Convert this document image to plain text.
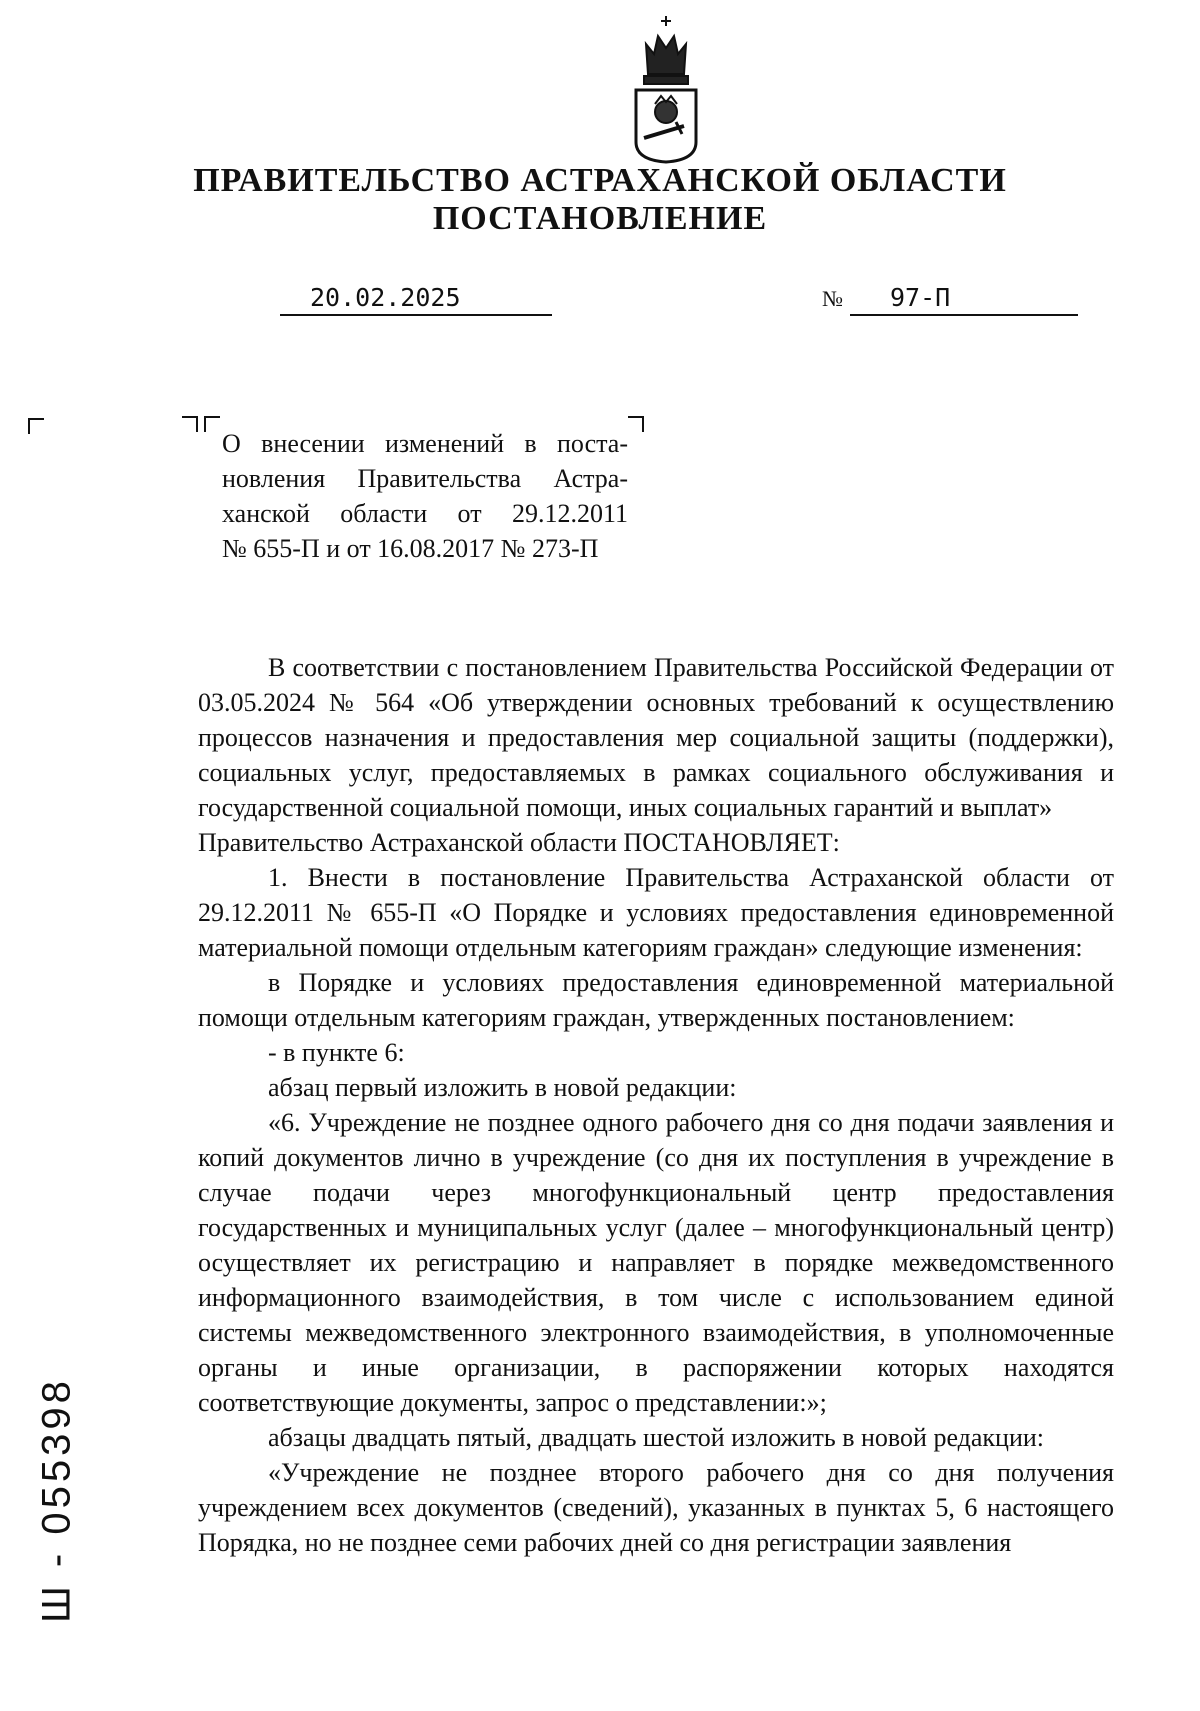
ПРАВИТЕЛЬСТВО АСТРАХАНСКОЙ ОБЛАСТИ
ПОСТАНОВЛЕНИЕ
20.02.2025	№ 97-П

О внесении изменений в поста-

новления Правительства Астра-

ханской области от 29.12.2011

№ 655-П и от 16.08.2017 № 273-П

В соответствии с постановлением Правительства Российской Федерации от 03.05.2024 № 564 «Об утверждении основных требований к осуществлению процессов назначения и предоставления мер социальной защиты (поддержки), социальных услуг, предоставляемых в рамках социального обслуживания и государственной социальной помощи, иных социальных гарантий и выплат»

Правительство Астраханской области ПОСТАНОВЛЯЕТ:

1. Внести в постановление Правительства Астраханской области от 29.12.2011 № 655-П «О Порядке и условиях предоставления единовременной материальной помощи отдельным категориям граждан» следующие изменения:

в Порядке и условиях предоставления единовременной материальной помощи отдельным категориям граждан, утвержденных постановлением:

- в пункте 6:

абзац первый изложить в новой редакции:

«6. Учреждение не позднее одного рабочего дня со дня подачи заявления и копий документов лично в учреждение (со дня их поступления в учреждение в случае подачи через многофункциональный центр предоставления государственных и муниципальных услуг (далее – многофункциональный центр) осуществляет их регистрацию и направляет в порядке межведомственного информационного взаимодействия, в том числе с использованием единой системы межведомственного электронного взаимодействия, в уполномоченные органы и иные организации, в распоряжении которых находятся соответствующие документы, запрос о представлении:»;

абзацы двадцать пятый, двадцать шестой изложить в новой редакции:

«Учреждение не позднее второго рабочего дня со дня получения учреждением всех документов (сведений), указанных в пунктах 5, 6 настоящего Порядка, но не позднее семи рабочих дней со дня регистрации заявления

Ш - 055398
